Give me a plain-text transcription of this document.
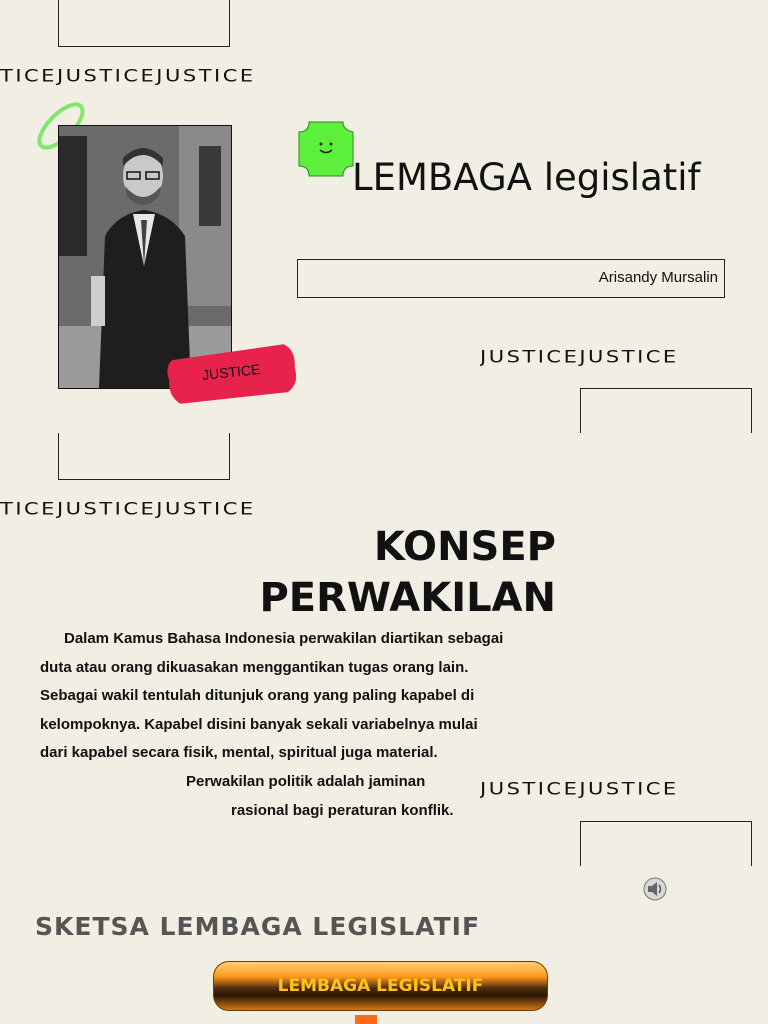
TICEJUSTICEJUSTICE
TICEJUSTICEJUSTICE
JUSTICEJUSTICE
JUSTICEJUSTICE
JUSTICE
LEMBAGA legislatif
Arisandy Mursalin
KONSEP
PERWAKILAN

Dalam Kamus Bahasa Indonesia perwakilan diartikan sebagai duta atau orang dikuasakan menggantikan tugas orang lain. Sebagai wakil tentulah ditunjuk orang yang paling kapabel di kelompoknya. Kapabel disini banyak sekali variabelnya mulai dari kapabel secara fisik, mental, spiritual juga material.

Perwakilan politik adalah jaminan

rasional bagi peraturan konflik.

SKETSA LEMBAGA LEGISLATIF
LEMBAGA LEGISLATIF
